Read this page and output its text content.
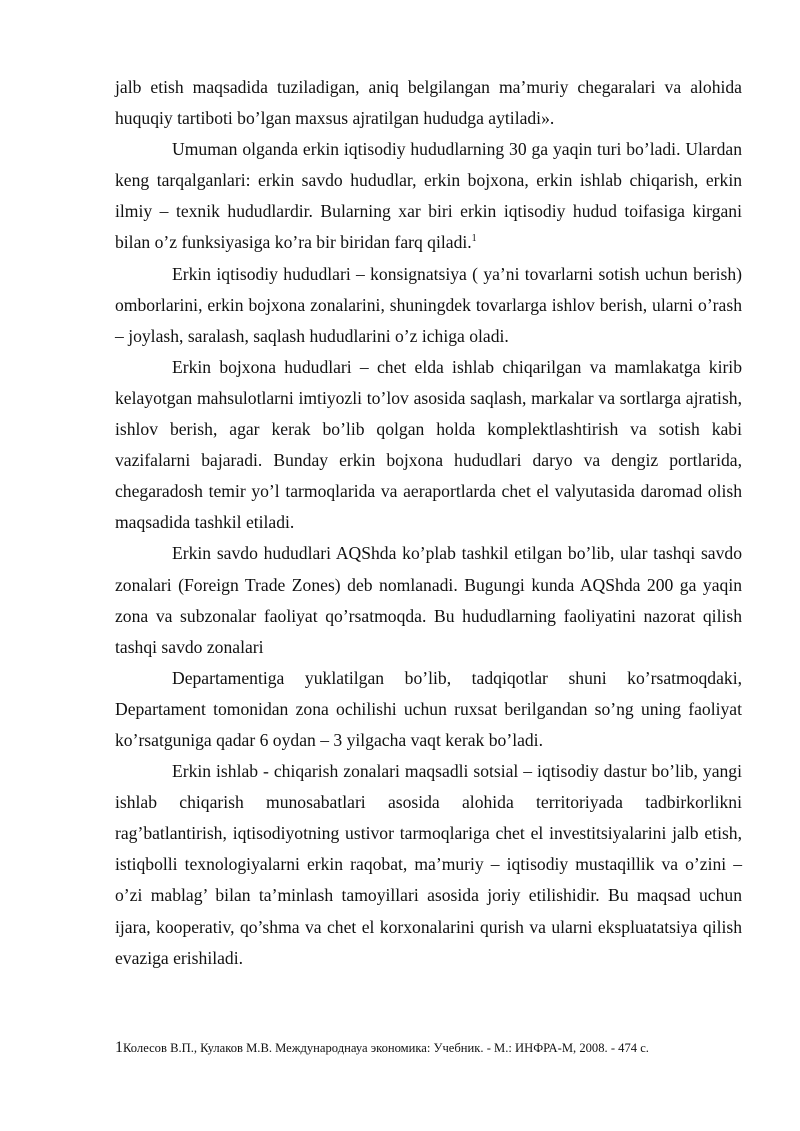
jalb etish maqsadida tuziladigan, aniq belgilangan ma’muriy chegaralari va alohida huquqiy tartiboti bo’lgan maxsus ajratilgan hududga aytiladi».

Umuman olganda erkin iqtisodiy hududlarning 30 ga yaqin turi bo’ladi. Ulardan keng tarqalganlari: erkin savdo hududlar, erkin bojxona, erkin ishlab chiqarish, erkin ilmiy – texnik hududlardir. Bularning xar biri erkin iqtisodiy hudud toifasiga kirgani bilan o’z funksiyasiga ko’ra bir biridan farq qiladi.$^1$

Erkin iqtisodiy hududlari – konsignatsiya ( ya’ni tovarlarni sotish uchun berish) omborlarini, erkin bojxona zonalarini, shuningdek tovarlarga ishlov berish, ularni o’rash – joylash, saralash, saqlash hududlarini o’z ichiga oladi.

Erkin bojxona hududlari – chet elda ishlab chiqarilgan va mamlakatga kirib kelayotgan mahsulotlarni imtiyozli to’lov asosida saqlash, markalar va sortlarga ajratish, ishlov berish, agar kerak bo’lib qolgan holda komplektlashtirish va sotish kabi vazifalarni bajaradi. Bunday erkin bojxona hududlari daryo va dengiz portlarida, chegaradosh temir yo’l tarmoqlarida va aeraportlarda chet el valyutasida daromad olish maqsadida tashkil etiladi.

Erkin savdo hududlari AQShda ko’plab tashkil etilgan bo’lib, ular tashqi savdo zonalari (Foreign Trade Zones) deb nomlanadi. Bugungi kunda AQShda 200 ga yaqin zona va subzonalar faoliyat qo’rsatmoqda. Bu hududlarning faoliyatini nazorat qilish tashqi savdo zonalari

Departamentiga yuklatilgan bo’lib, tadqiqotlar shuni ko’rsatmoqdaki, Departament tomonidan zona ochilishi uchun ruxsat berilgandan so’ng uning faoliyat ko’rsatguniga qadar 6 oydan – 3 yilgacha vaqt kerak bo’ladi.

Erkin ishlab - chiqarish zonalari maqsadli sotsial – iqtisodiy dastur bo’lib, yangi ishlab chiqarish munosabatlari asosida alohida territoriyada tadbirkorlikni rag’batlantirish, iqtisodiyotning ustivor tarmoqlariga chet el investitsiyalarini jalb etish, istiqbolli texnologiyalarni erkin raqobat, ma’muriy – iqtisodiy mustaqillik va o’zini – o’zi mablag’ bilan ta’minlash tamoyillari asosida joriy etilishidir. Bu maqsad uchun ijara, kooperativ, qo’shma va chet el korxonalarini qurish va ularni ekspluatatsiya qilish evaziga erishiladi.

1Колесов В.П., Кулаков М.В. Международнауа экономика: Учебник. - М.: ИНФРА-М, 2008. - 474 с.
